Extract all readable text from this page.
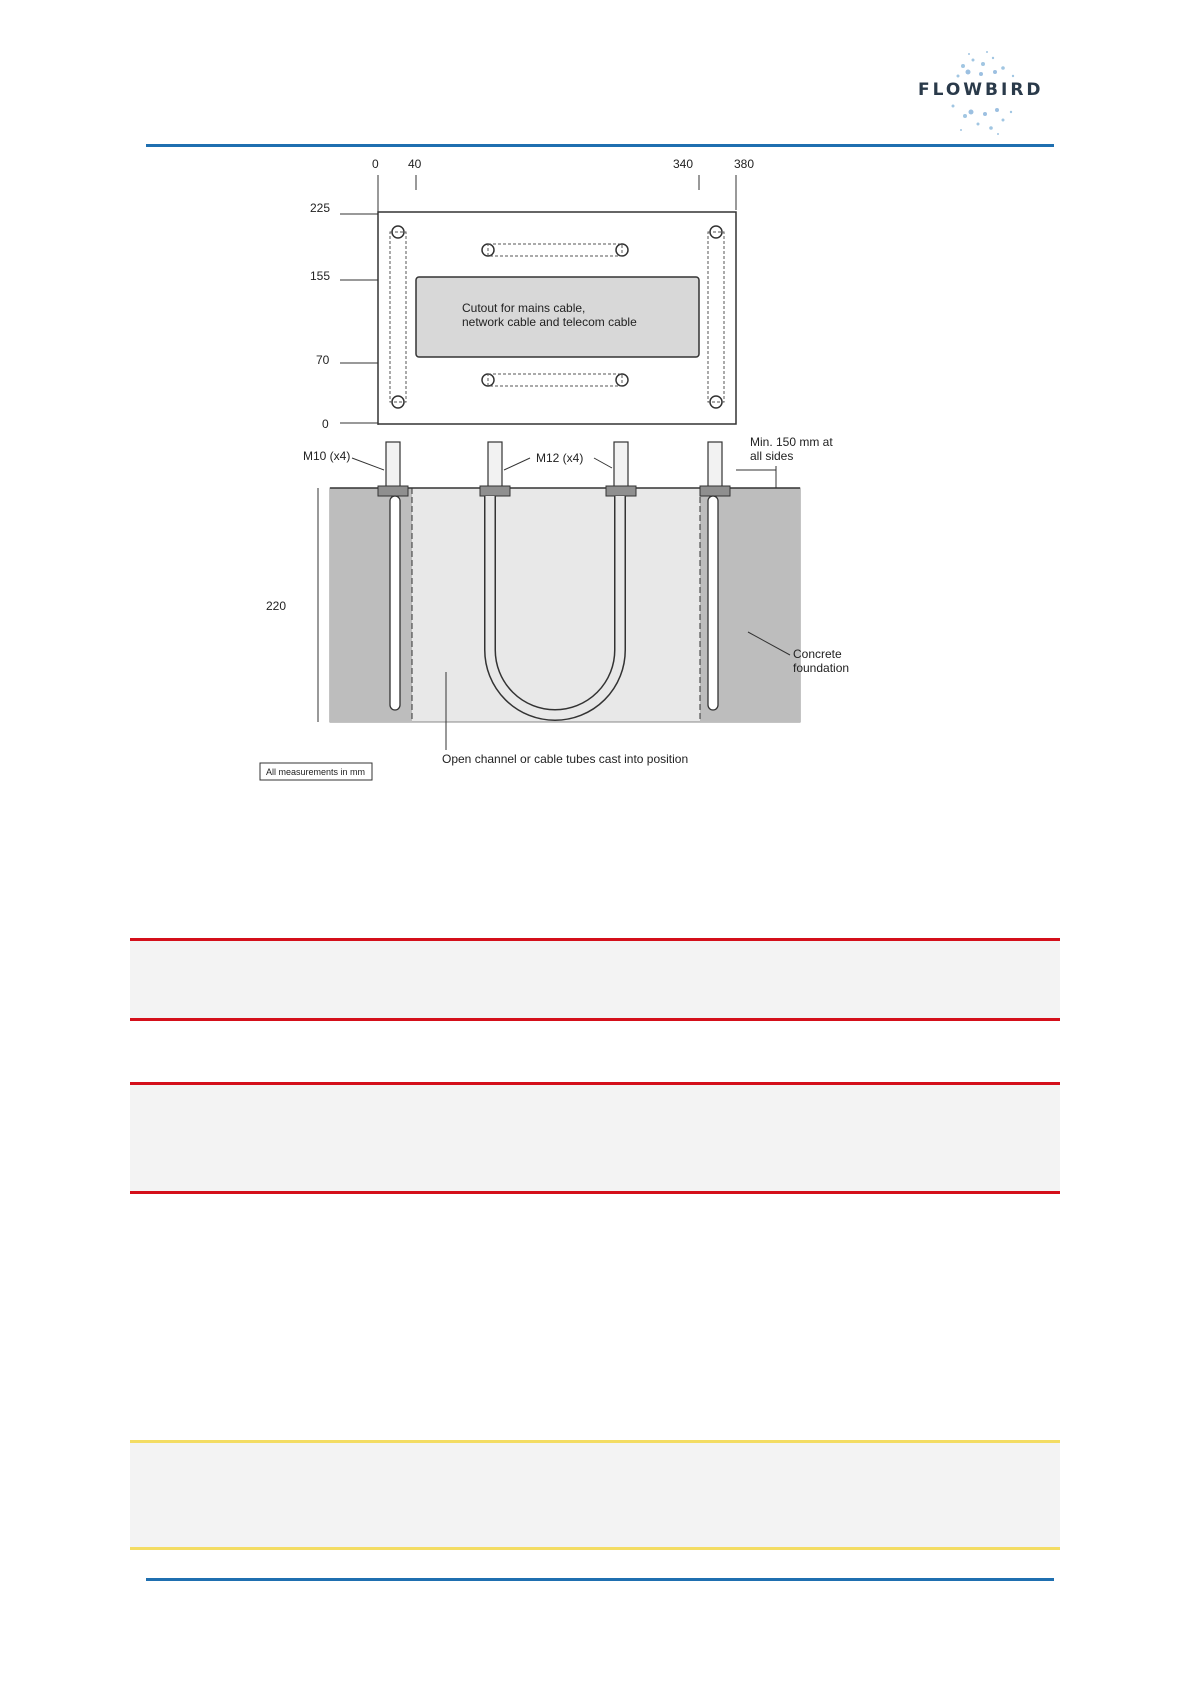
FLOWBIRD
0 40	340	380
225
155
70
0
Cutout for mains cable,
network cable and telecom cable
M10 (x4)	M12 (x4)
Min. 150 mm at
all sides
220
Concrete
foundation
Open channel or cable tubes cast into position
All measurements in mm
